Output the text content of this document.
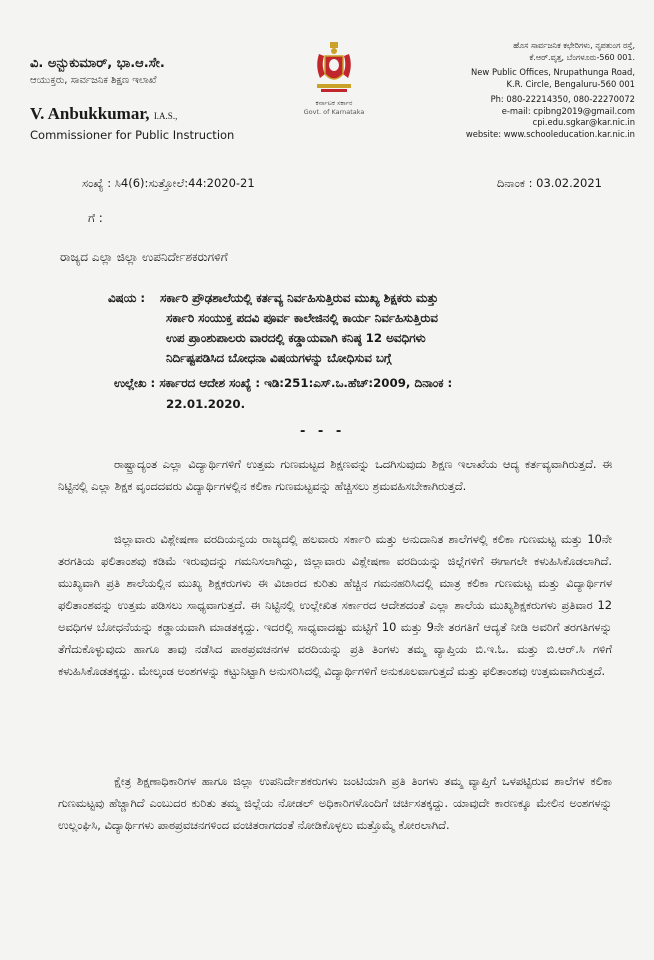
ವಿ. ಅನ್ಬುಕುಮಾರ್, ಭಾ.ಆ.ಸೇ.

ಆಯುಕ್ತರು, ಸಾರ್ವಜನಿಕ ಶಿಕ್ಷಣ ಇಲಾಖೆ

V. Anbukkumar, I.A.S.,

Commissioner for Public Instruction

ಕರ್ನಾಟಕ ಸರ್ಕಾರ
Govt. of Karnataka

ಹೊಸ ಸಾರ್ವಜನಿಕ ಕಛೇರಿಗಳು, ನೃಪತುಂಗ ರಸ್ತೆ,

ಕೆ.ಆರ್.ವೃತ್ತ, ಬೆಂಗಳೂರು-560 001.

New Public Offices, Nrupathunga Road,

K.R. Circle, Bengaluru-560 001

Ph: 080-22214350, 080-22270072

e-mail: cpibng2019@gmail.com

cpi.edu.sgkar@kar.nic.in

website: www.schooleducation.kar.nic.in

ಸಂಖ್ಯೆ : ಸಿ4(6):ಸುತ್ತೋಲೆ:44:2020-21	ದಿನಾಂಕ : 03.02.2021
ಗೆ :
ರಾಜ್ಯದ ಎಲ್ಲಾ ಜಿಲ್ಲಾ ಉಪನಿರ್ದೇಶಕರುಗಳಿಗೆ
ವಿಷಯ : ಸರ್ಕಾರಿ ಪ್ರೌಢಶಾಲೆಯಲ್ಲಿ ಕರ್ತವ್ಯ ನಿರ್ವಹಿಸುತ್ತಿರುವ ಮುಖ್ಯ ಶಿಕ್ಷಕರು ಮತ್ತು
ಸರ್ಕಾರಿ ಸಂಯುಕ್ತ ಪದವಿ ಪೂರ್ವ ಕಾಲೇಜಿನಲ್ಲಿ ಕಾರ್ಯ ನಿರ್ವಹಿಸುತ್ತಿರುವ
ಉಪ ಪ್ರಾಂಶುಪಾಲರು ವಾರದಲ್ಲಿ ಕಡ್ಡಾಯವಾಗಿ ಕನಿಷ್ಠ 12 ಅವಧಿಗಳು
ನಿರ್ದಿಷ್ಟಪಡಿಸಿದ ಬೋಧನಾ ವಿಷಯಗಳನ್ನು ಬೋಧಿಸುವ ಬಗ್ಗೆ
ಉಲ್ಲೇಖ : ಸರ್ಕಾರದ ಆದೇಶ ಸಂಖ್ಯೆ : ಇಡಿ:251:ಎಸ್.ಒ.ಹೆಚ್:2009, ದಿನಾಂಕ :
22.01.2020.
- - -

ರಾಷ್ಟ್ರಾದ್ಯಂತ ಎಲ್ಲಾ ವಿದ್ಯಾರ್ಥಿಗಳಿಗೆ ಉತ್ತಮ ಗುಣಮಟ್ಟದ ಶಿಕ್ಷಣವನ್ನು ಒದಗಿಸುವುದು ಶಿಕ್ಷಣ ಇಲಾಖೆಯ ಆದ್ಯ ಕರ್ತವ್ಯವಾಗಿರುತ್ತದೆ. ಈ ನಿಟ್ಟಿನಲ್ಲಿ ಎಲ್ಲಾ ಶಿಕ್ಷಕ ವೃಂದದವರು ವಿದ್ಯಾರ್ಥಿಗಳಲ್ಲಿನ ಕಲಿಕಾ ಗುಣಮಟ್ಟವನ್ನು ಹೆಚ್ಚಿಸಲು ಶ್ರಮವಹಿಸಬೇಕಾಗಿರುತ್ತದೆ.

ಜಿಲ್ಲಾವಾರು ವಿಶ್ಲೇಷಣಾ ವರದಿಯನ್ವಯ ರಾಜ್ಯದಲ್ಲಿ ಹಲವಾರು ಸರ್ಕಾರಿ ಮತ್ತು ಅನುದಾನಿತ ಶಾಲೆಗಳಲ್ಲಿ ಕಲಿಕಾ ಗುಣಮಟ್ಟ ಮತ್ತು 10ನೇ ತರಗತಿಯ ಫಲಿತಾಂಶವು ಕಡಿಮೆ ಇರುವುದನ್ನು ಗಮನಿಸಲಾಗಿದ್ದು, ಜಿಲ್ಲಾವಾರು ವಿಶ್ಲೇಷಣಾ ವರದಿಯನ್ನು ಜಿಲ್ಲೆಗಳಿಗೆ ಈಗಾಗಲೇ ಕಳುಹಿಸಿಕೊಡಲಾಗಿದೆ. ಮುಖ್ಯವಾಗಿ ಪ್ರತಿ ಶಾಲೆಯಲ್ಲಿನ ಮುಖ್ಯ ಶಿಕ್ಷಕರುಗಳು ಈ ವಿಚಾರದ ಕುರಿತು ಹೆಚ್ಚಿನ ಗಮನಹರಿಸಿದಲ್ಲಿ ಮಾತ್ರ ಕಲಿಕಾ ಗುಣಮಟ್ಟ ಮತ್ತು ವಿದ್ಯಾರ್ಥಿಗಳ ಫಲಿತಾಂಶವನ್ನು ಉತ್ತಮ ಪಡಿಸಲು ಸಾಧ್ಯವಾಗುತ್ತದೆ. ಈ ನಿಟ್ಟಿನಲ್ಲಿ ಉಲ್ಲೇಖಿತ ಸರ್ಕಾರದ ಆದೇಶದಂತೆ ಎಲ್ಲಾ ಶಾಲೆಯ ಮುಖ್ಯಶಿಕ್ಷಕರುಗಳು ಪ್ರತಿವಾರ 12 ಅವಧಿಗಳ ಬೋಧನೆಯನ್ನು ಕಡ್ಡಾಯವಾಗಿ ಮಾಡತಕ್ಕದ್ದು. ಇದರಲ್ಲಿ ಸಾಧ್ಯವಾದಷ್ಟು ಮಟ್ಟಿಗೆ 10 ಮತ್ತು 9ನೇ ತರಗತಿಗೆ ಆದ್ಯತೆ ನೀಡಿ ಅವರಿಗೆ ತರಗತಿಗಳನ್ನು ತೆಗೆದುಕೊಳ್ಳುವುದು ಹಾಗೂ ತಾವು ನಡೆಸಿದ ಪಾಠಪ್ರವಚನಗಳ ವರದಿಯನ್ನು ಪ್ರತಿ ತಿಂಗಳು ತಮ್ಮ ವ್ಯಾಪ್ತಿಯ ಬಿ.ಇ.ಓ. ಮತ್ತು ಬಿ.ಆರ್.ಸಿ ಗಳಿಗೆ ಕಳುಹಿಸಿಕೊಡತಕ್ಕದ್ದು. ಮೇಲ್ಕಂಡ ಅಂಶಗಳನ್ನು ಕಟ್ಟುನಿಟ್ಟಾಗಿ ಅನುಸರಿಸಿದಲ್ಲಿ ವಿದ್ಯಾರ್ಥಿಗಳಿಗೆ ಅನುಕೂಲವಾಗುತ್ತದೆ ಮತ್ತು ಫಲಿತಾಂಶವು ಉತ್ತಮವಾಗಿರುತ್ತದೆ.

ಕ್ಷೇತ್ರ ಶಿಕ್ಷಣಾಧಿಕಾರಿಗಳ ಹಾಗೂ ಜಿಲ್ಲಾ ಉಪನಿರ್ದೇಶಕರುಗಳು ಜಂಟಿಯಾಗಿ ಪ್ರತಿ ತಿಂಗಳು ತಮ್ಮ ವ್ಯಾಪ್ತಿಗೆ ಒಳಪಟ್ಟಿರುವ ಶಾಲೆಗಳ ಕಲಿಕಾ ಗುಣಮಟ್ಟವು ಹೆಚ್ಚಾಗಿದೆ ಎಂಬುದರ ಕುರಿತು ತಮ್ಮ ಜಿಲ್ಲೆಯ ನೋಡಲ್ ಅಧಿಕಾರಿಗಳೊಂದಿಗೆ ಚರ್ಚಿಸತಕ್ಕದ್ದು. ಯಾವುದೇ ಕಾರಣಕ್ಕೂ ಮೇಲಿನ ಅಂಶಗಳನ್ನು ಉಲ್ಲಂಘಿಸಿ, ವಿದ್ಯಾರ್ಥಿಗಳು ಪಾಠಪ್ರವಚನಗಳಿಂದ ವಂಚಿತರಾಗದಂತೆ ನೋಡಿಕೊಳ್ಳಲು ಮತ್ತೊಮ್ಮೆ ಕೋರಲಾಗಿದೆ.
